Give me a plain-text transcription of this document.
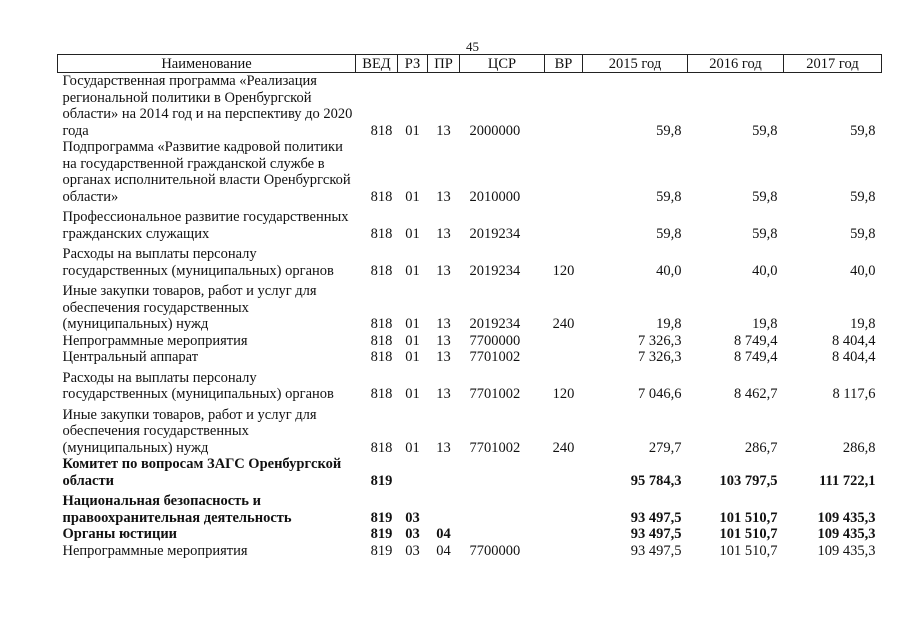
45
Наименование	ВЕД	РЗ	ПР	ЦСР	ВР	2015 год	2016 год	2017 год
Государственная программа «Реализация региональной политики в Оренбургской области» на 2014 год и на перспективу до 2020 года	818	01	13	2000000		59,8	59,8	59,8
Подпрограмма «Развитие кадровой политики на государственной гражданской службе в органах исполнительной власти Оренбургской области»	818	01	13	2010000		59,8	59,8	59,8
Профессиональное развитие государственных гражданских служащих	818	01	13	2019234		59,8	59,8	59,8
Расходы на выплаты персоналу государственных (муниципальных) органов	818	01	13	2019234	120	40,0	40,0	40,0
Иные закупки товаров, работ и услуг для обеспечения государственных (муниципальных) нужд	818	01	13	2019234	240	19,8	19,8	19,8
Непрограммные мероприятия	818	01	13	7700000		7 326,3	8 749,4	8 404,4
Центральный аппарат	818	01	13	7701002		7 326,3	8 749,4	8 404,4
Расходы на выплаты персоналу государственных (муниципальных) органов	818	01	13	7701002	120	7 046,6	8 462,7	8 117,6
Иные закупки товаров, работ и услуг для обеспечения государственных (муниципальных) нужд	818	01	13	7701002	240	279,7	286,7	286,8
Комитет по вопросам ЗАГС Оренбургской области	819					95 784,3	103 797,5	111 722,1
Национальная безопасность и правоохранительная деятельность	819	03				93 497,5	101 510,7	109 435,3
Органы юстиции	819	03	04			93 497,5	101 510,7	109 435,3
Непрограммные мероприятия	819	03	04	7700000		93 497,5	101 510,7	109 435,3
